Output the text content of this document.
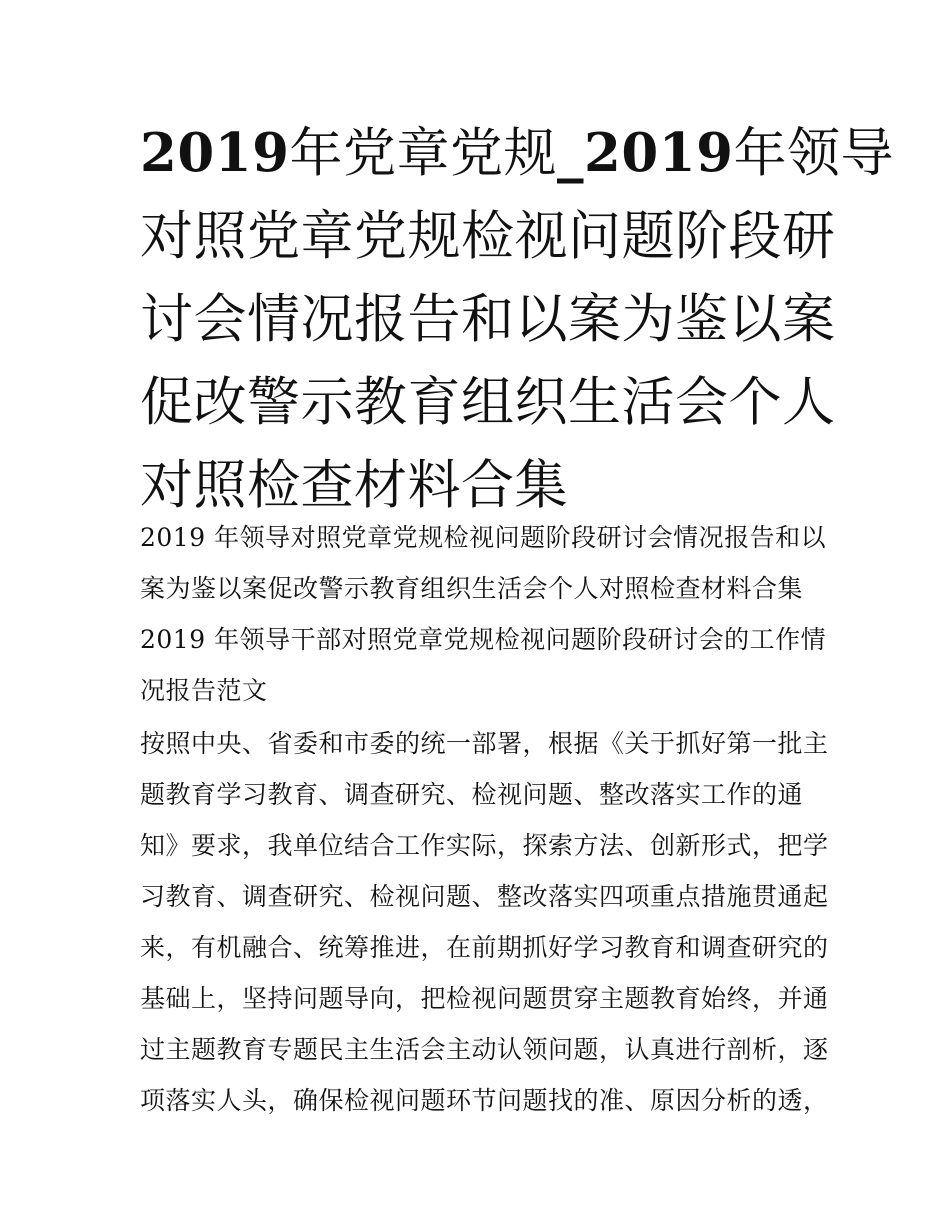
2019年党章党规_2019年领导
对照党章党规检视问题阶段研
讨会情况报告和以案为鉴以案
促改警示教育组织生活会个人
对照检查材料合集
2019 年领导对照党章党规检视问题阶段研讨会情况报告和以
案为鉴以案促改警示教育组织生活会个人对照检查材料合集
2019 年领导干部对照党章党规检视问题阶段研讨会的工作情
况报告范文
按照中央、省委和市委的统一部署，根据《关于抓好第一批主
题教育学习教育、调查研究、检视问题、整改落实工作的通
知》要求，我单位结合工作实际，探索方法、创新形式，把学
习教育、调查研究、检视问题、整改落实四项重点措施贯通起
来，有机融合、统筹推进，在前期抓好学习教育和调查研究的
基础上，坚持问题导向，把检视问题贯穿主题教育始终，并通
过主题教育专题民主生活会主动认领问题，认真进行剖析，逐
项落实人头，确保检视问题环节问题找的准、原因分析的透，
